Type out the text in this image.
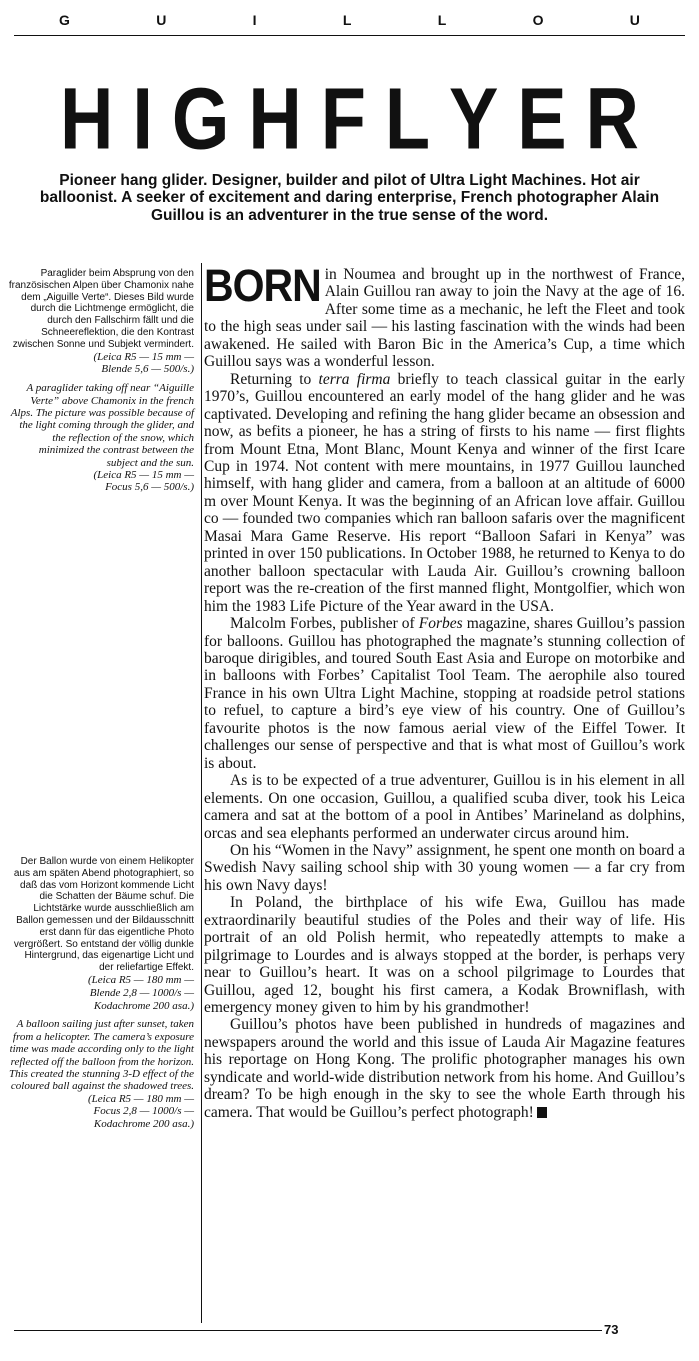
G	U	I	L	L	O	U
H I G H F L Y E R

Pioneer hang glider. Designer, builder and pilot of Ultra Light Machines. Hot air balloonist. A seeker of excitement and daring enterprise, French photographer Alain Guillou is an adventurer in the true sense of the word.

Paraglider beim Absprung von den französischen Alpen über Chamonix nahe dem „Aiguille Verte“. Dieses Bild wurde durch die Lichtmenge ermöglicht, die durch den Fallschirm fällt und die Schneereflektion, die den Kontrast zwischen Sonne und Subjekt vermindert.
(Leica R5 — 15 mm —
Blende 5,6 — 500/s.)

A paraglider taking off near “Aiguille Verte” above Chamonix in the french Alps. The picture was possible because of the light coming through the glider, and the reflection of the snow, which minimized the contrast between the subject and the sun.
(Leica R5 — 15 mm —
Focus 5,6 — 500/s.)

Der Ballon wurde von einem Helikopter aus am späten Abend photographiert, so daß das vom Horizont kommende Licht die Schatten der Bäume schuf. Die Lichtstärke wurde ausschließlich am Ballon gemessen und der Bildausschnitt erst dann für das eigentliche Photo vergrößert. So entstand der völlig dunkle Hintergrund, das eigenartige Licht und der reliefartige Effekt.
(Leica R5 — 180 mm —
Blende 2,8 — 1000/s —
Kodachrome 200 asa.)

A balloon sailing just after sunset, taken from a helicopter. The camera’s exposure time was made according only to the light reflected off the balloon from the horizon. This created the stunning 3-D effect of the coloured ball against the shadowed trees.
(Leica R5 — 180 mm —
Focus 2,8 — 1000/s —
Kodachrome 200 asa.)

BORN in Noumea and brought up in the northwest of France, Alain Guillou ran away to join the Navy at the age of 16. After some time as a mechanic, he left the Fleet and took to the high seas under sail — his lasting fascination with the winds had been awakened. He sailed with Baron Bic in the America’s Cup, a time which Guillou says was a wonderful lesson.

Returning to terra firma briefly to teach classical guitar in the early 1970’s, Guillou encountered an early model of the hang glider and he was captivated. Developing and refining the hang glider became an obsession and now, as befits a pioneer, he has a string of firsts to his name — first flights from Mount Etna, Mont Blanc, Mount Kenya and winner of the first Icare Cup in 1974. Not content with mere mountains, in 1977 Guillou launched himself, with hang glider and camera, from a balloon at an altitude of 6000 m over Mount Kenya. It was the beginning of an African love affair. Guillou co — founded two companies which ran balloon safaris over the magnificent Masai Mara Game Reserve. His report “Balloon Safari in Kenya” was printed in over 150 publications. In October 1988, he returned to Kenya to do another balloon spectacular with Lauda Air. Guillou’s crowning balloon report was the re-creation of the first manned flight, Montgolfier, which won him the 1983 Life Picture of the Year award in the USA.

Malcolm Forbes, publisher of Forbes magazine, shares Guillou’s passion for balloons. Guillou has photographed the magnate’s stunning collection of baroque dirigibles, and toured South East Asia and Europe on motorbike and in balloons with Forbes’ Capitalist Tool Team. The aerophile also toured France in his own Ultra Light Machine, stopping at roadside petrol stations to refuel, to capture a bird’s eye view of his country. One of Guillou’s favourite photos is the now famous aerial view of the Eiffel Tower. It challenges our sense of perspective and that is what most of Guillou’s work is about.

As is to be expected of a true adventurer, Guillou is in his element in all elements. On one occasion, Guillou, a qualified scuba diver, took his Leica camera and sat at the bottom of a pool in Antibes’ Marineland as dolphins, orcas and sea elephants performed an underwater circus around him.

On his “Women in the Navy” assignment, he spent one month on board a Swedish Navy sailing school ship with 30 young women — a far cry from his own Navy days!

In Poland, the birthplace of his wife Ewa, Guillou has made extraordinarily beautiful studies of the Poles and their way of life. His portrait of an old Polish hermit, who repeatedly attempts to make a pilgrimage to Lourdes and is always stopped at the border, is perhaps very near to Guillou’s heart. It was on a school pilgrimage to Lourdes that Guillou, aged 12, bought his first camera, a Kodak Browniflash, with emergency money given to him by his grandmother!

Guillou’s photos have been published in hundreds of magazines and newspapers around the world and this issue of Lauda Air Magazine features his reportage on Hong Kong. The prolific photographer manages his own syndicate and world-wide distribution network from his home. And Guillou’s dream? To be high enough in the sky to see the whole Earth through his camera. That would be Guillou’s perfect photograph!

73
